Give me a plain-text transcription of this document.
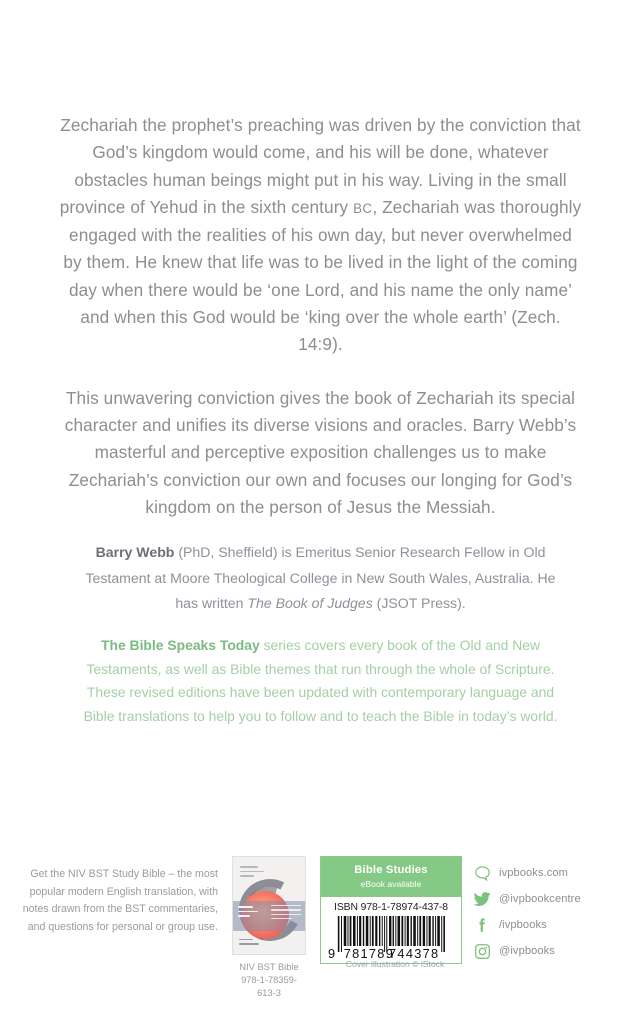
Zechariah the prophet’s preaching was driven by the conviction that God’s kingdom would come, and his will be done, whatever obstacles human beings might put in his way. Living in the small province of Yehud in the sixth century BC, Zechariah was thoroughly engaged with the realities of his own day, but never overwhelmed by them. He knew that life was to be lived in the light of the coming day when there would be ‘one Lord, and his name the only name’ and when this God would be ‘king over the whole earth’ (Zech. 14:9).

This unwavering conviction gives the book of Zechariah its special character and unifies its diverse visions and oracles. Barry Webb’s masterful and perceptive exposition challenges us to make Zechariah’s conviction our own and focuses our longing for God’s kingdom on the person of Jesus the Messiah.

Barry Webb (PhD, Sheffield) is Emeritus Senior Research Fellow in Old Testament at Moore Theological College in New South Wales, Australia. He has written The Book of Judges (JSOT Press).
The Bible Speaks Today series covers every book of the Old and New Testaments, as well as Bible themes that run through the whole of Scripture. These revised editions have been updated with contemporary language and Bible translations to help you to follow and to teach the Bible in today’s world.
Get the NIV BST Study Bible – the most popular modern English translation, with notes drawn from the BST commentaries, and questions for personal or group use.
NIV BST Bible
978-1-78359-613-3
Bible Studies
eBook available
ISBN 978-1-78974-437-8
9 781789
744378
Cover illustration © iStock
ivpbooks.com
@ivpbookcentre
/ivpbooks
@ivpbooks
